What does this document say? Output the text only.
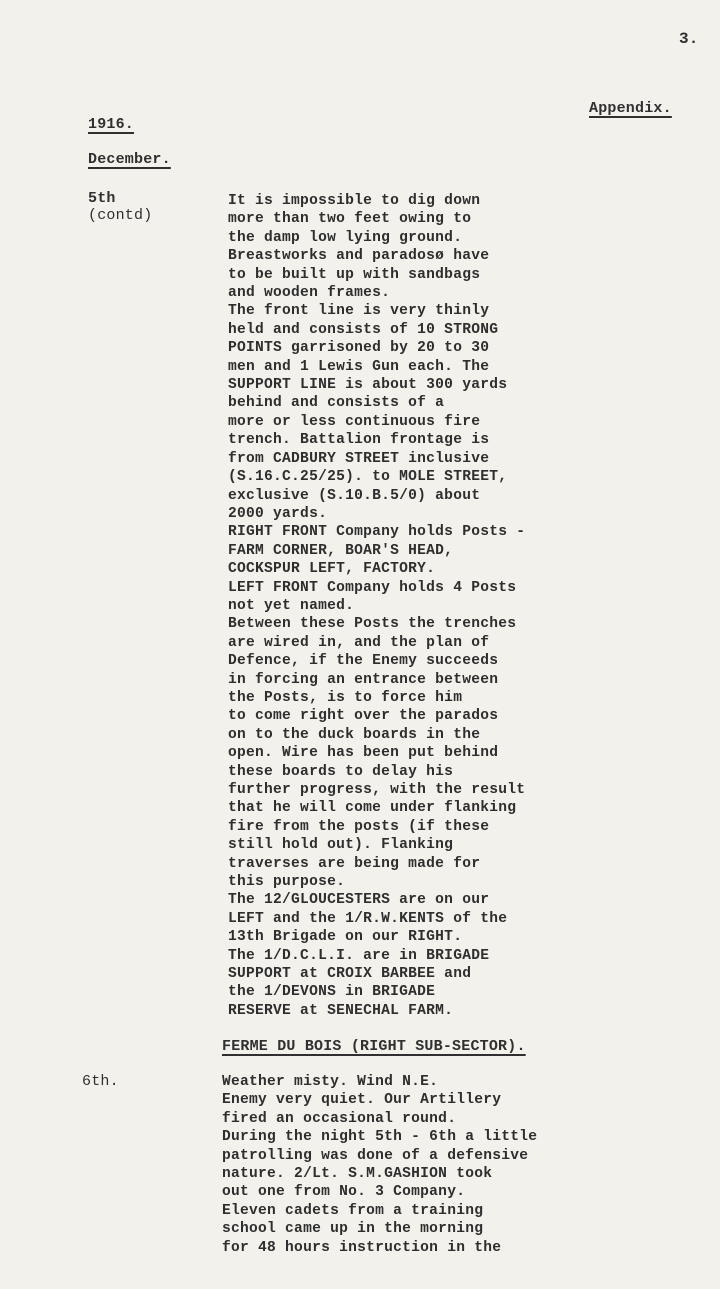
3.
Appendix.
1916.
December.
5th
(contd)
It is impossible to dig down
more than two feet owing to
the damp low lying ground.
Breastworks and paradosø have
to be built up with sandbags
and wooden frames.
The front line is very thinly
held and consists of 10 STRONG
POINTS garrisoned by 20 to 30
men and 1 Lewis Gun each. The
SUPPORT LINE is about 300 yards
behind and consists of a
more or less continuous fire
trench. Battalion frontage is
from CADBURY STREET inclusive
(S.16.C.25/25). to MOLE STREET,
exclusive (S.10.B.5/0) about
2000 yards.
RIGHT FRONT Company holds Posts -
FARM CORNER, BOAR'S HEAD,
COCKSPUR LEFT, FACTORY.
LEFT FRONT Company holds 4 Posts
not yet named.
Between these Posts the trenches
are wired in, and the plan of
Defence, if the Enemy succeeds
in forcing an entrance between
the Posts, is to force him
to come right over the parados
on to the duck boards in the
open. Wire has been put behind
these boards to delay his
further progress, with the result
that he will come under flanking
fire from the posts (if these
still hold out). Flanking
traverses are being made for
this purpose.
The 12/GLOUCESTERS are on our
LEFT and the 1/R.W.KENTS of the
13th Brigade on our RIGHT.
The 1/D.C.L.I. are in BRIGADE
SUPPORT at CROIX BARBEE and
the 1/DEVONS in BRIGADE
RESERVE at SENECHAL FARM.
FERME DU BOIS (RIGHT SUB-SECTOR).
6th.	Weather misty. Wind N.E.
Enemy very quiet. Our Artillery
fired an occasional round.
During the night 5th - 6th a little
patrolling was done of a defensive
nature. 2/Lt. S.M.GASHION took
out one from No. 3 Company.
Eleven cadets from a training
school came up in the morning
for 48 hours instruction in the
